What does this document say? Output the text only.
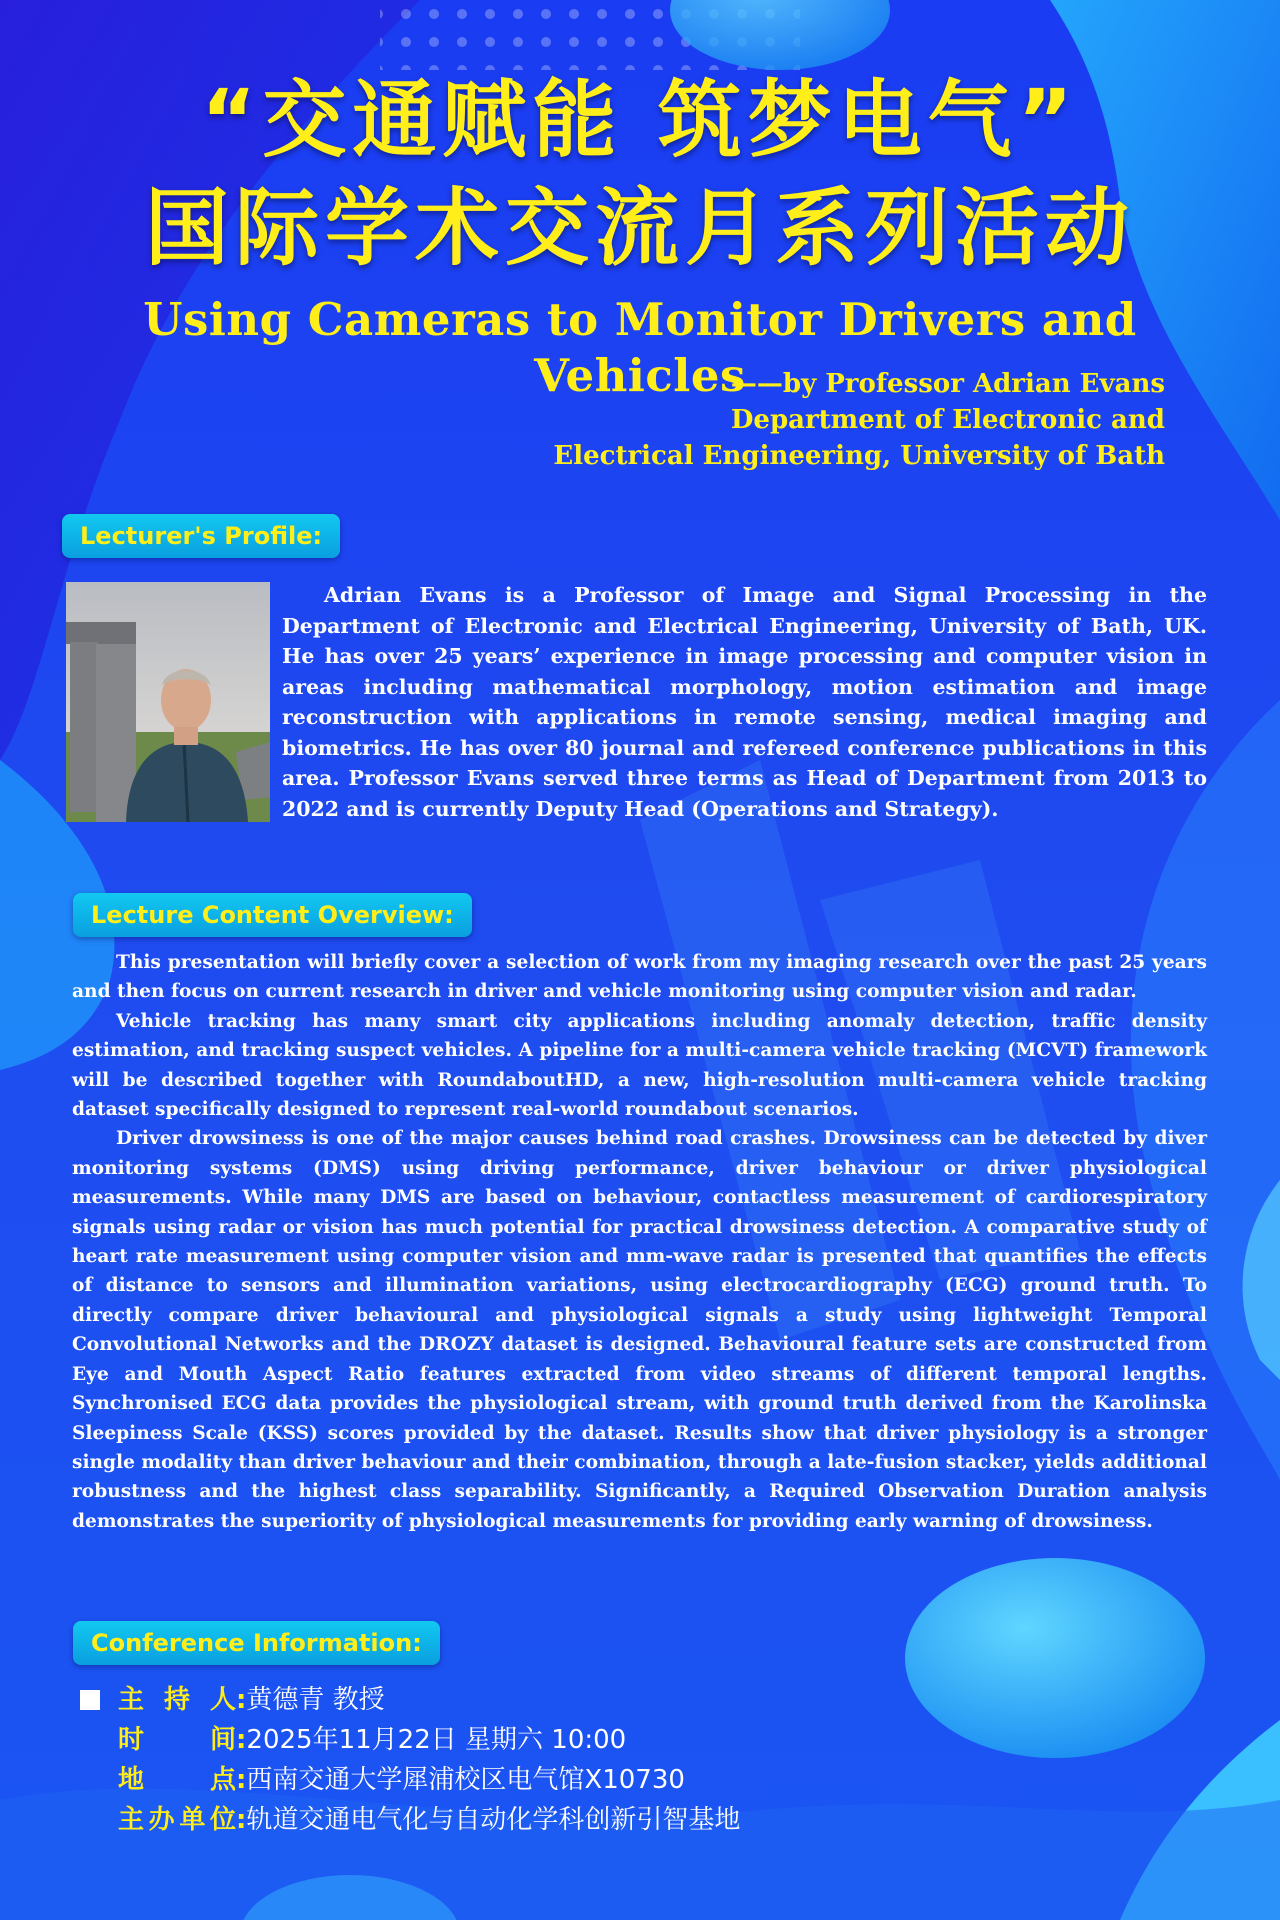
“交通赋能 筑梦电气”
国际学术交流月系列活动
Using Cameras to Monitor Drivers and Vehicles
——by Professor Adrian Evans
Department of Electronic and
Electrical Engineering, University of Bath
Lecturer's Profile:

Adrian Evans is a Professor of Image and Signal Processing in the Department of Electronic and Electrical Engineering, University of Bath, UK. He has over 25 years’ experience in image processing and computer vision in areas including mathematical morphology, motion estimation and image reconstruction with applications in remote sensing, medical imaging and biometrics. He has over 80 journal and refereed conference publications in this area. Professor Evans served three terms as Head of Department from 2013 to 2022 and is currently Deputy Head (Operations and Strategy).

Lecture Content Overview:

This presentation will briefly cover a selection of work from my imaging research over the past 25 years and then focus on current research in driver and vehicle monitoring using computer vision and radar.

Vehicle tracking has many smart city applications including anomaly detection, traffic density estimation, and tracking suspect vehicles. A pipeline for a multi-camera vehicle tracking (MCVT) framework will be described together with RoundaboutHD, a new, high-resolution multi-camera vehicle tracking dataset specifically designed to represent real-world roundabout scenarios.

Driver drowsiness is one of the major causes behind road crashes. Drowsiness can be detected by diver monitoring systems (DMS) using driving performance, driver behaviour or driver physiological measurements. While many DMS are based on behaviour, contactless measurement of cardiorespiratory signals using radar or vision has much potential for practical drowsiness detection. A comparative study of heart rate measurement using computer vision and mm-wave radar is presented that quantifies the effects of distance to sensors and illumination variations, using electrocardiography (ECG) ground truth. To directly compare driver behavioural and physiological signals a study using lightweight Temporal Convolutional Networks and the DROZY dataset is designed. Behavioural feature sets are constructed from Eye and Mouth Aspect Ratio features extracted from video streams of different temporal lengths. Synchronised ECG data provides the physiological stream, with ground truth derived from the Karolinska Sleepiness Scale (KSS) scores provided by the dataset. Results show that driver physiology is a stronger single modality than driver behaviour and their combination, through a late-fusion stacker, yields additional robustness and the highest class separability. Significantly, a Required Observation Duration analysis demonstrates the superiority of physiological measurements for providing early warning of drowsiness.

Conference Information:
主 持 人 : 黄德青 教授
时	间 : 2025年11月22日 星期六 10:00
地	点 : 西南交通大学犀浦校区电气馆X10730
主 办 单 位 : 轨道交通电气化与自动化学科创新引智基地
